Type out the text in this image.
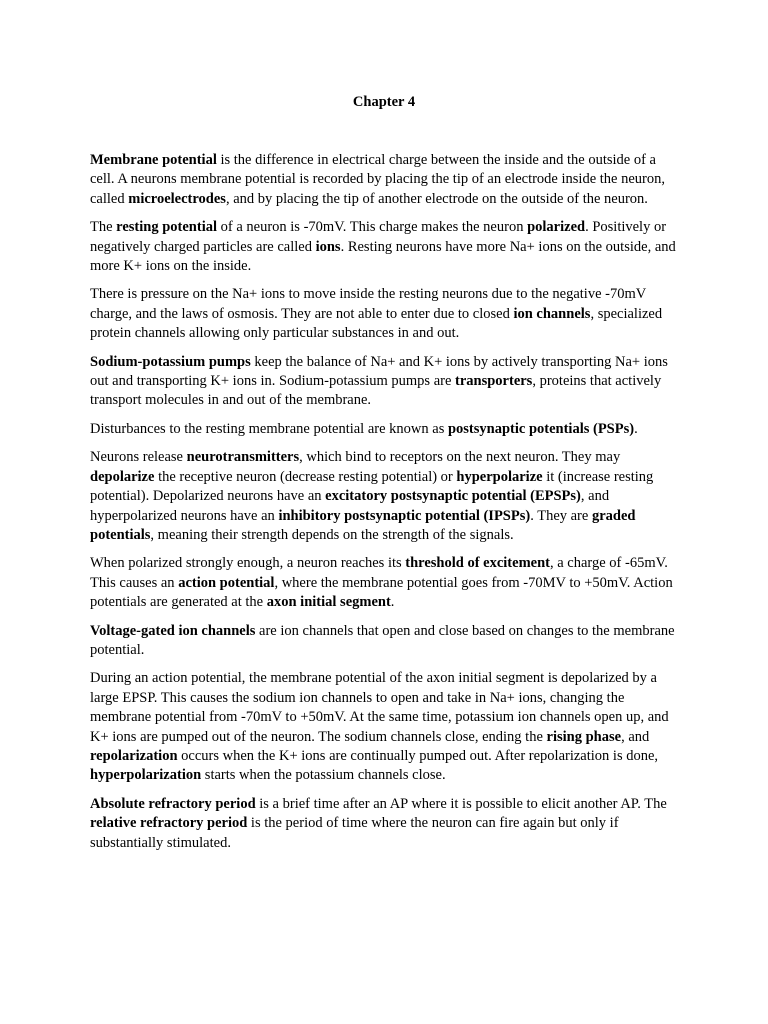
Chapter 4

Membrane potential is the difference in electrical charge between the inside and the outside of a cell. A neurons membrane potential is recorded by placing the tip of an electrode inside the neuron, called microelectrodes, and by placing the tip of another electrode on the outside of the neuron.

The resting potential of a neuron is -70mV. This charge makes the neuron polarized. Positively or negatively charged particles are called ions. Resting neurons have more Na+ ions on the outside, and more K+ ions on the inside.

There is pressure on the Na+ ions to move inside the resting neurons due to the negative -70mV charge, and the laws of osmosis. They are not able to enter due to closed ion channels, specialized protein channels allowing only particular substances in and out.

Sodium-potassium pumps keep the balance of Na+ and K+ ions by actively transporting Na+ ions out and transporting K+ ions in. Sodium-potassium pumps are transporters, proteins that actively transport molecules in and out of the membrane.

Disturbances to the resting membrane potential are known as postsynaptic potentials (PSPs).

Neurons release neurotransmitters, which bind to receptors on the next neuron. They may depolarize the receptive neuron (decrease resting potential) or hyperpolarize it (increase resting potential). Depolarized neurons have an excitatory postsynaptic potential (EPSPs), and hyperpolarized neurons have an inhibitory postsynaptic potential (IPSPs). They are graded potentials, meaning their strength depends on the strength of the signals.

When polarized strongly enough, a neuron reaches its threshold of excitement, a charge of -65mV. This causes an action potential, where the membrane potential goes from -70MV to +50mV. Action potentials are generated at the axon initial segment.

Voltage-gated ion channels are ion channels that open and close based on changes to the membrane potential.

During an action potential, the membrane potential of the axon initial segment is depolarized by a large EPSP. This causes the sodium ion channels to open and take in Na+ ions, changing the membrane potential from -70mV to +50mV. At the same time, potassium ion channels open up, and K+ ions are pumped out of the neuron. The sodium channels close, ending the rising phase, and repolarization occurs when the K+ ions are continually pumped out. After repolarization is done, hyperpolarization starts when the potassium channels close.

Absolute refractory period is a brief time after an AP where it is possible to elicit another AP. The relative refractory period is the period of time where the neuron can fire again but only if substantially stimulated.
